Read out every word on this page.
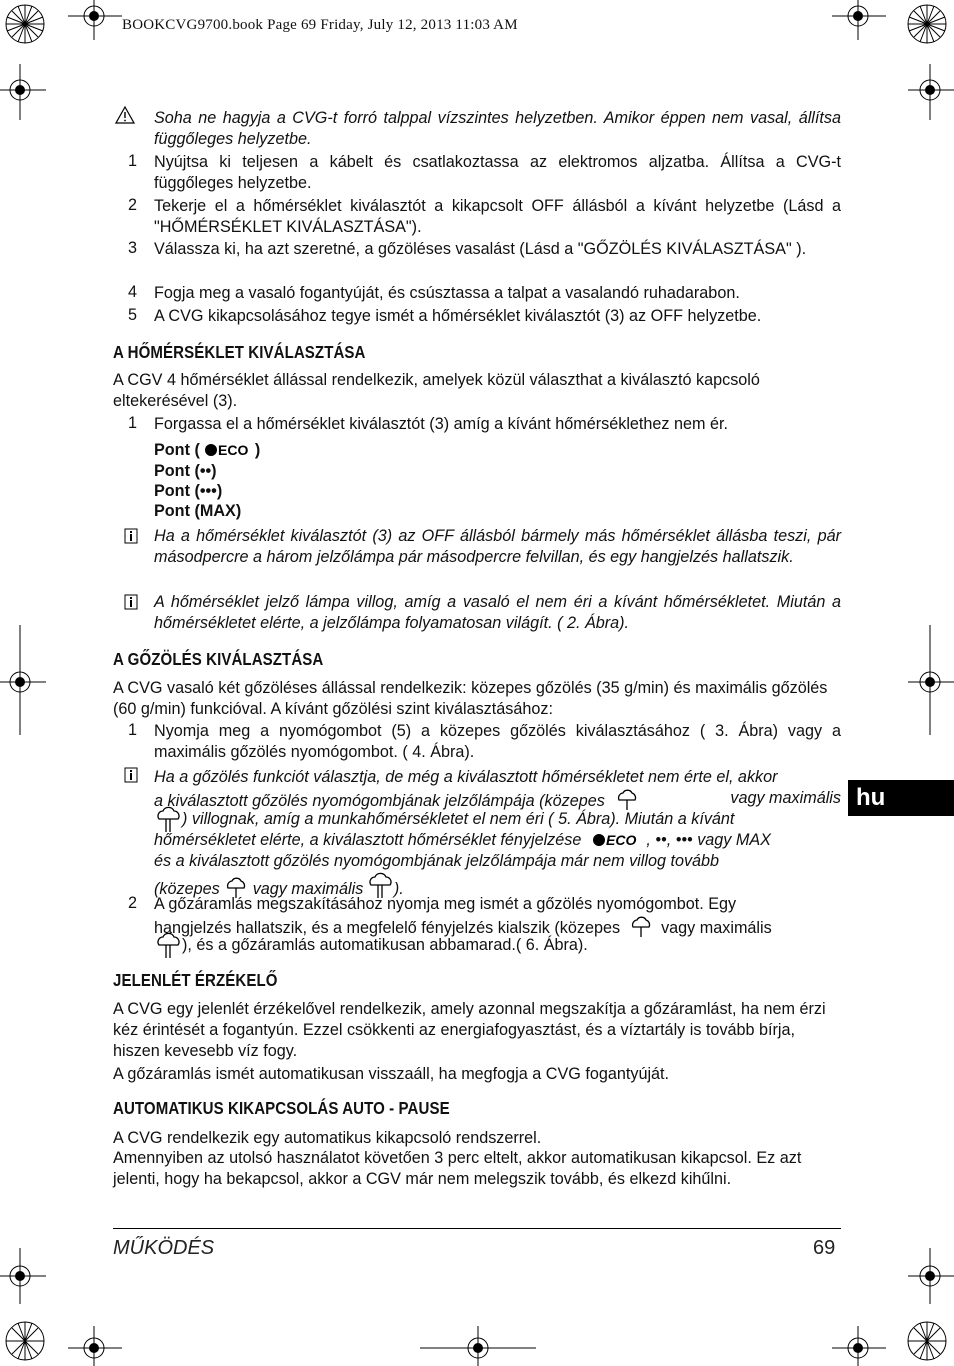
BOOKCVG9700.book Page 69 Friday, July 12, 2013 11:03 AM
Soha ne hagyja a CVG-t forró talppal vízszintes helyzetben. Amikor éppen nem vasal, állítsa függőleges helyzetbe.
1 Nyújtsa ki teljesen a kábelt és csatlakoztassa az elektromos aljzatba. Állítsa a CVG-t függőleges helyzetbe.
2 Tekerje el a hőmérséklet kiválasztót a kikapcsolt OFF állásból a kívánt helyzetbe (Lásd a "HŐMÉRSÉKLET KIVÁLASZTÁSA").
3 Válassza ki, ha azt szeretné, a gőzöléses vasalást (Lásd a "GŐZÖLÉS KIVÁLASZTÁSA" ).
4 Fogja meg a vasaló fogantyúját, és csúsztassa a talpat a vasalandó ruhadarabon.
5 A CVG kikapcsolásához tegye ismét a hőmérséklet kiválasztót (3) az OFF helyzetbe.
A HŐMÉRSÉKLET KIVÁLASZTÁSA
A CGV 4 hőmérséklet állással rendelkezik, amelyek közül választhat a kiválasztó kapcsoló eltekerésével (3).
1 Forgassa el a hőmérséklet kiválasztót (3) amíg a kívánt hőmérséklethez nem ér.
Pont ( ECO )
Pont (••)
Pont (•••)
Pont (MAX)
Ha a hőmérséklet kiválasztót (3) az OFF állásból bármely más hőmérséklet állásba teszi, pár másodpercre a három jelzőlámpa pár másodpercre felvillan, és egy hangjelzés hallatszik.
A hőmérséklet jelző lámpa villog, amíg a vasaló el nem éri a kívánt hőmérsékletet. Miután a hőmérsékletet elérte, a jelzőlámpa folyamatosan világít. ( 2. Ábra).
A GŐZÖLÉS KIVÁLASZTÁSA
A CVG vasaló két gőzöléses állással rendelkezik: közepes gőzölés (35 g/min) és maximális gőzölés (60 g/min) funkcióval. A kívánt gőzölési szint kiválasztásához:
1 Nyomja meg a nyomógombot (5) a közepes gőzölés kiválasztásához ( 3. Ábra) vagy a maximális gőzölés nyomógombot. ( 4. Ábra).
Ha a gőzölés funkciót választja, de még a kiválasztott hőmérsékletet nem érte el, akkor
a kiválasztott gőzölés nyomógombjának jelzőlámpája (közepes	vagy maximális
) villognak, amíg a munkahőmérsékletet el nem éri ( 5. Ábra). Miután a kívánt
hőmérsékletet elérte, a kiválasztott hőmérséklet fényjelzése ECO , ••, ••• vagy MAX
és a kiválasztott gőzölés nyomógombjának jelzőlámpája már nem villog tovább
(közepes vagy maximális ).
2 A gőzáramlás megszakításához nyomja meg ismét a gőzölés nyomógombot. Egy
hangjelzés hallatszik, és a megfelelő fényjelzés kialszik (közepes	vagy maximális
), és a gőzáramlás automatikusan abbamarad.( 6. Ábra).
JELENLÉT ÉRZÉKELŐ
A CVG egy jelenlét érzékelővel rendelkezik, amely azonnal megszakítja a gőzáramlást, ha nem érzi kéz érintését a fogantyún. Ezzel csökkenti az energiafogyasztást, és a víztartály is tovább bírja, hiszen kevesebb víz fogy.
A gőzáramlás ismét automatikusan visszaáll, ha megfogja a CVG fogantyúját.
AUTOMATIKUS KIKAPCSOLÁS AUTO - PAUSE
A CVG rendelkezik egy automatikus kikapcsoló rendszerrel.
Amennyiben az utolsó használatot követően 3 perc eltelt, akkor automatikusan kikapcsol. Ez azt jelenti, hogy ha bekapcsol, akkor a CGV már nem melegszik tovább, és elkezd kihűlni.
hu
MŰKÖDÉS	69
